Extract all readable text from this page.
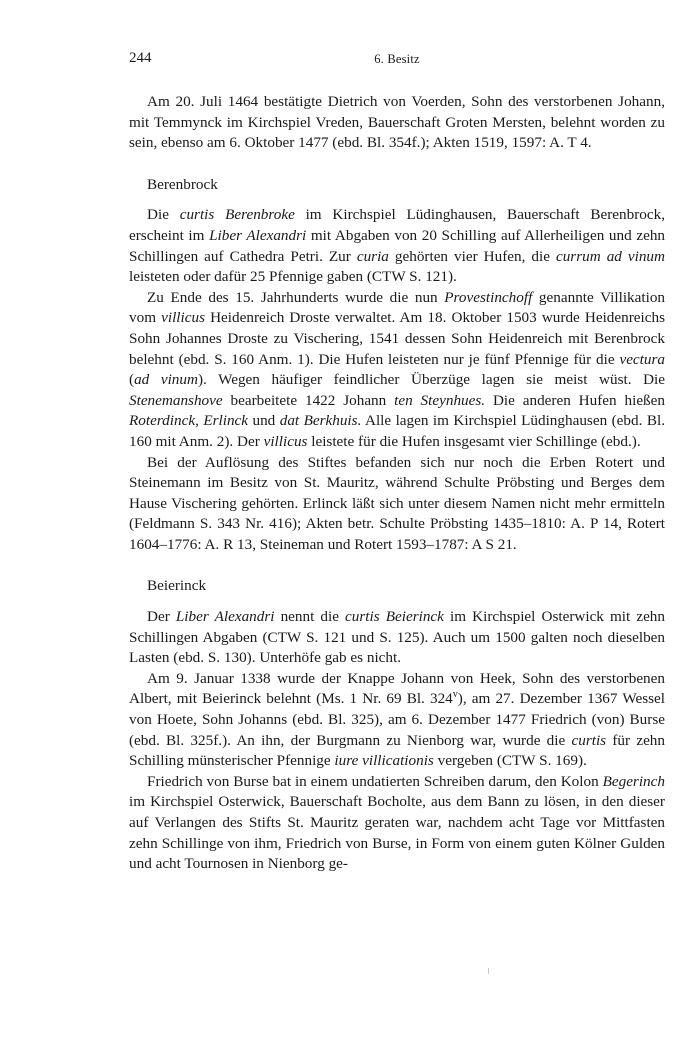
244	6. Besitz

Am 20. Juli 1464 bestätigte Dietrich von Voerden, Sohn des verstorbenen Johann, mit Temmynck im Kirchspiel Vreden, Bauerschaft Groten Mersten, belehnt worden zu sein, ebenso am 6. Oktober 1477 (ebd. Bl. 354f.); Akten 1519, 1597: A. T 4.

Berenbrock

Die curtis Berenbroke im Kirchspiel Lüdinghausen, Bauerschaft Berenbrock, erscheint im Liber Alexandri mit Abgaben von 20 Schilling auf Allerheiligen und zehn Schillingen auf Cathedra Petri. Zur curia gehörten vier Hufen, die currum ad vinum leisteten oder dafür 25 Pfennige gaben (CTW S. 121).

Zu Ende des 15. Jahrhunderts wurde die nun Provestinchoff genannte Villikation vom villicus Heidenreich Droste verwaltet. Am 18. Oktober 1503 wurde Heidenreichs Sohn Johannes Droste zu Vischering, 1541 dessen Sohn Heidenreich mit Berenbrock belehnt (ebd. S. 160 Anm. 1). Die Hufen leisteten nur je fünf Pfennige für die vectura (ad vinum). Wegen häufiger feindlicher Überzüge lagen sie meist wüst. Die Stenemanshove bearbeitete 1422 Johann ten Steynhues. Die anderen Hufen hießen Roterdinck, Erlinck und dat Berkhuis. Alle lagen im Kirchspiel Lüdinghausen (ebd. Bl. 160 mit Anm. 2). Der villicus leistete für die Hufen insgesamt vier Schillinge (ebd.).

Bei der Auflösung des Stiftes befanden sich nur noch die Erben Rotert und Steinemann im Besitz von St. Mauritz, während Schulte Pröbsting und Berges dem Hause Vischering gehörten. Erlinck läßt sich unter diesem Namen nicht mehr ermitteln (Feldmann S. 343 Nr. 416); Akten betr. Schulte Pröbsting 1435–1810: A. P 14, Rotert 1604–1776: A. R 13, Steineman und Rotert 1593–1787: A S 21.

Beierinck

Der Liber Alexandri nennt die curtis Beierinck im Kirchspiel Osterwick mit zehn Schillingen Abgaben (CTW S. 121 und S. 125). Auch um 1500 galten noch dieselben Lasten (ebd. S. 130). Unterhöfe gab es nicht.

Am 9. Januar 1338 wurde der Knappe Johann von Heek, Sohn des verstorbenen Albert, mit Beierinck belehnt (Ms. 1 Nr. 69 Bl. 324$^v$), am 27. Dezember 1367 Wessel von Hoete, Sohn Johanns (ebd. Bl. 325), am 6. Dezember 1477 Friedrich (von) Burse (ebd. Bl. 325f.). An ihn, der Burgmann zu Nienborg war, wurde die curtis für zehn Schilling münsterischer Pfennige iure villicationis vergeben (CTW S. 169).

Friedrich von Burse bat in einem undatierten Schreiben darum, den Kolon Begerinch im Kirchspiel Osterwick, Bauerschaft Bocholte, aus dem Bann zu lösen, in den dieser auf Verlangen des Stifts St. Mauritz geraten war, nachdem acht Tage vor Mittfasten zehn Schillinge von ihm, Friedrich von Burse, in Form von einem guten Kölner Gulden und acht Tournosen in Nienborg ge-
